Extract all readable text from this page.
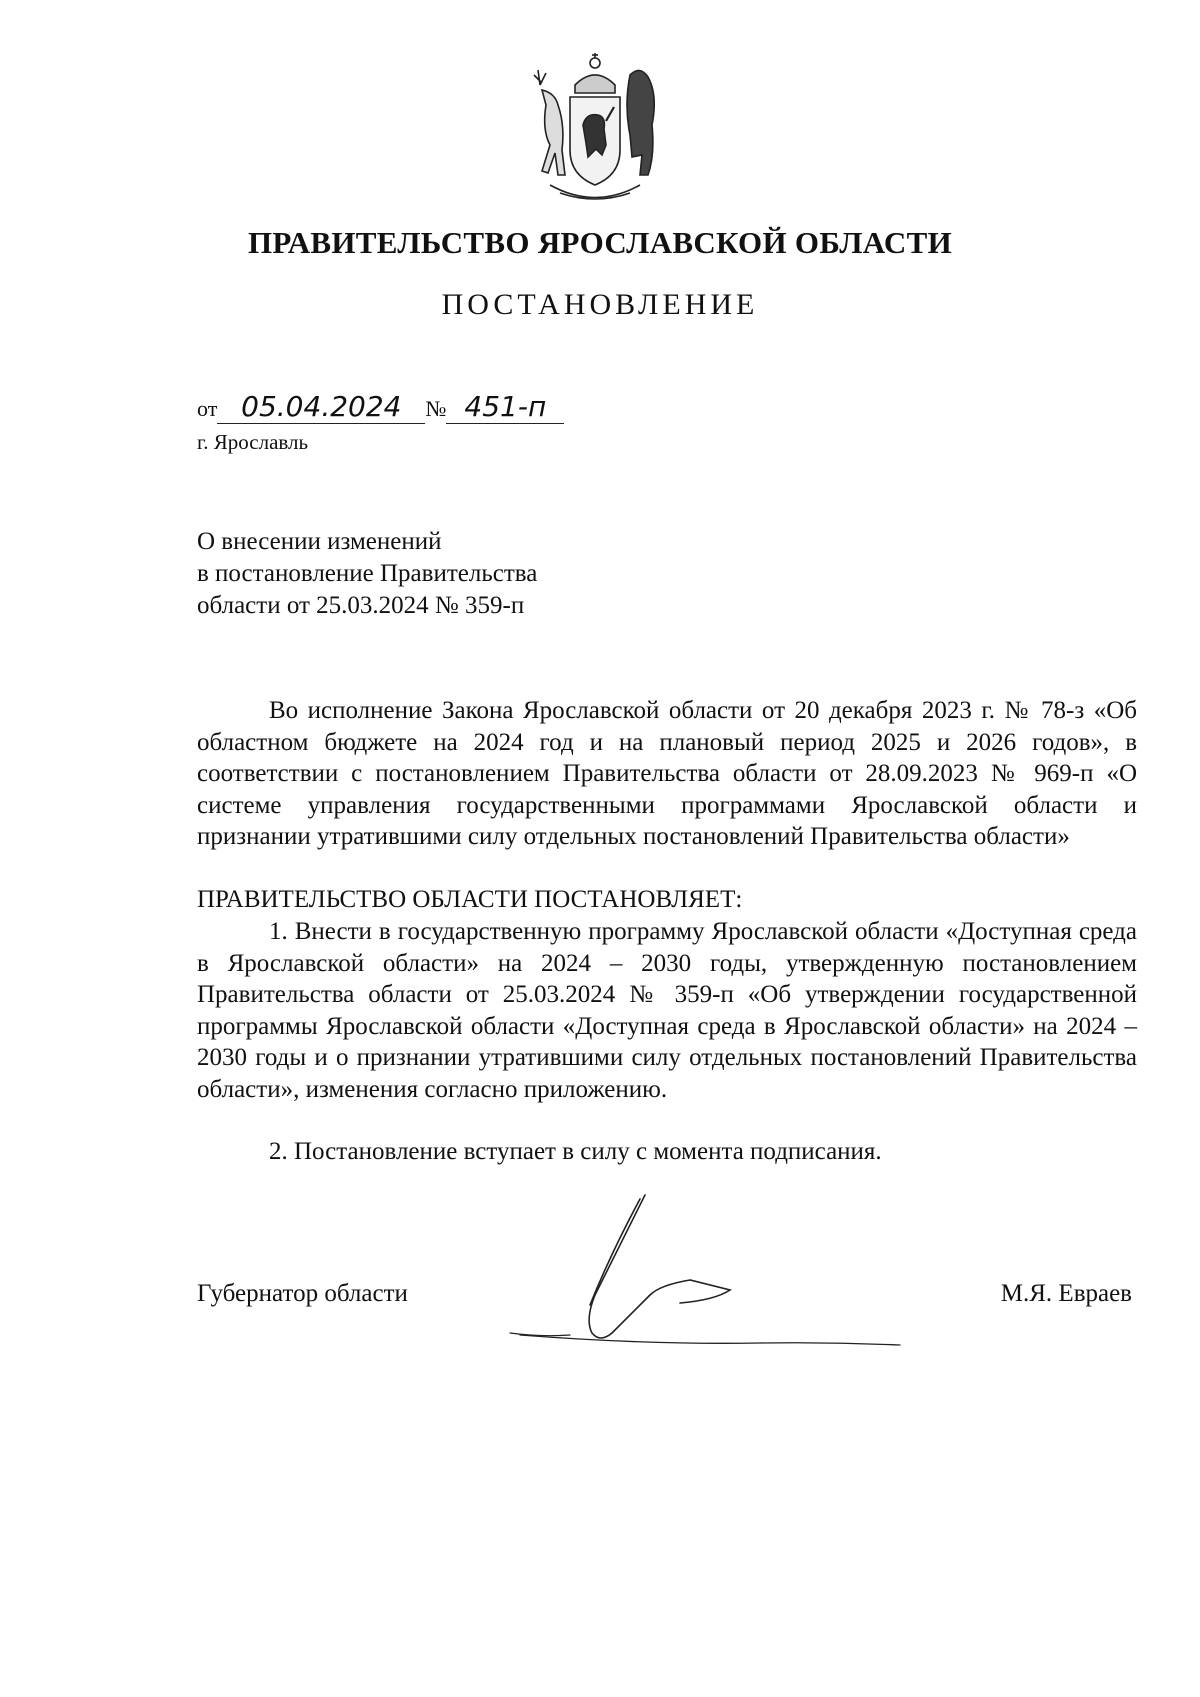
ПРАВИТЕЛЬСТВО ЯРОСЛАВСКОЙ ОБЛАСТИ
ПОСТАНОВЛЕНИЕ
от 05.04.2024 № 451-п
г. Ярославль
О внесении изменений
в постановление Правительства
области от 25.03.2024 № 359-п

Во исполнение Закона Ярославской области от 20 декабря 2023 г. № 78-з «Об областном бюджете на 2024 год и на плановый период 2025 и 2026 годов», в соответствии с постановлением Правительства области от 28.09.2023 № 969-п «О системе управления государственными программами Ярославской области и признании утратившими силу отдельных постановлений Правительства области»

ПРАВИТЕЛЬСТВО ОБЛАСТИ ПОСТАНОВЛЯЕТ:

1. Внести в государственную программу Ярославской области «Доступная среда в Ярославской области» на 2024 – 2030 годы, утвержденную постановлением Правительства области от 25.03.2024 № 359-п «Об утверждении государственной программы Ярославской области «Доступная среда в Ярославской области» на 2024 – 2030 годы и о признании утратившими силу отдельных постановлений Правительства области», изменения согласно приложению.

2. Постановление вступает в силу с момента подписания.

Губернатор области	М.Я. Евраев
